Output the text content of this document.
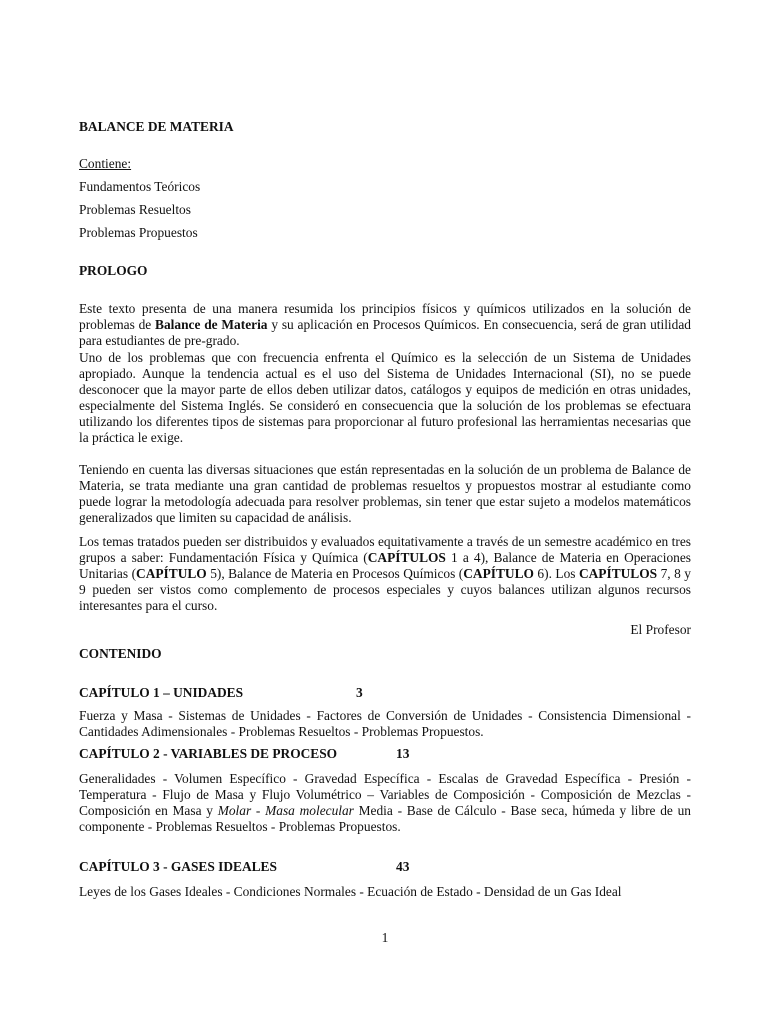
BALANCE DE MATERIA

Contiene:

Fundamentos Teóricos

Problemas Resueltos

Problemas Propuestos

PROLOGO

Este texto presenta de una manera resumida los principios físicos y químicos utilizados en la solución de problemas de Balance de Materia y su aplicación en Procesos Químicos. En consecuencia, será de gran utilidad para estudiantes de pre-grado.

Uno de los problemas que con frecuencia enfrenta el Químico es la selección de un Sistema de Unidades apropiado. Aunque la tendencia actual es el uso del Sistema de Unidades Internacional (SI), no se puede desconocer que la mayor parte de ellos deben utilizar datos, catálogos y equipos de medición en otras unidades, especialmente del Sistema Inglés. Se consideró en consecuencia que la solución de los problemas se efectuara utilizando los diferentes tipos de sistemas para proporcionar al futuro profesional las herramientas necesarias que la práctica le exige.

Teniendo en cuenta las diversas situaciones que están representadas en la solución de un problema de Balance de Materia, se trata mediante una gran cantidad de problemas resueltos y propuestos mostrar al estudiante como puede lograr la metodología adecuada para resolver problemas, sin tener que estar sujeto a modelos matemáticos generalizados que limiten su capacidad de análisis.

Los temas tratados pueden ser distribuidos y evaluados equitativamente a través de un semestre académico en tres grupos a saber: Fundamentación Física y Química (CAPÍTULOS 1 a 4), Balance de Materia en Operaciones Unitarias (CAPÍTULO 5), Balance de Materia en Procesos Químicos (CAPÍTULO 6). Los CAPÍTULOS 7, 8 y 9 pueden ser vistos como complemento de procesos especiales y cuyos balances utilizan algunos recursos interesantes para el curso.

El Profesor

CONTENIDO

CAPÍTULO 1 – UNIDADES	3

Fuerza y Masa - Sistemas de Unidades - Factores de Conversión de Unidades - Consistencia Dimensional - Cantidades Adimensionales - Problemas Resueltos - Problemas Propuestos.

CAPÍTULO 2 - VARIABLES DE PROCESO	13

Generalidades - Volumen Específico - Gravedad Específica - Escalas de Gravedad Específica - Presión - Temperatura - Flujo de Masa y Flujo Volumétrico – Variables de Composición - Composición de Mezclas - Composición en Masa y Molar - Masa molecular Media - Base de Cálculo - Base seca, húmeda y libre de un componente - Problemas Resueltos - Problemas Propuestos.

CAPÍTULO 3 - GASES IDEALES	43

Leyes de los Gases Ideales - Condiciones Normales - Ecuación de Estado - Densidad de un Gas Ideal

1
